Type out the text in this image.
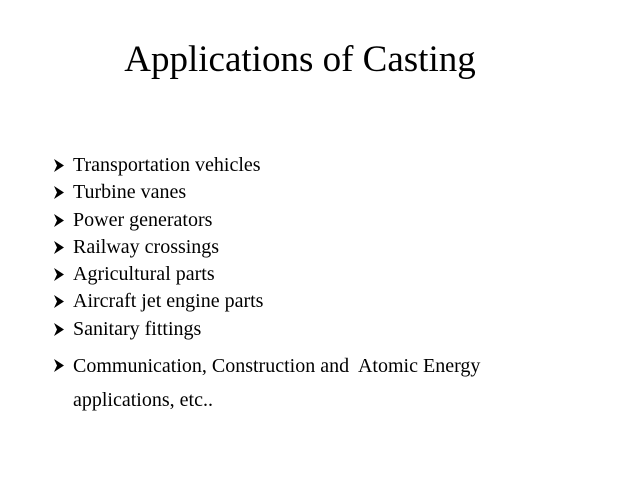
Applications of Casting
Transportation vehicles
Turbine vanes
Power generators
Railway crossings
Agricultural parts
Aircraft jet engine parts
Sanitary fittings
Communication, Construction and  Atomic Energy applications, etc..
